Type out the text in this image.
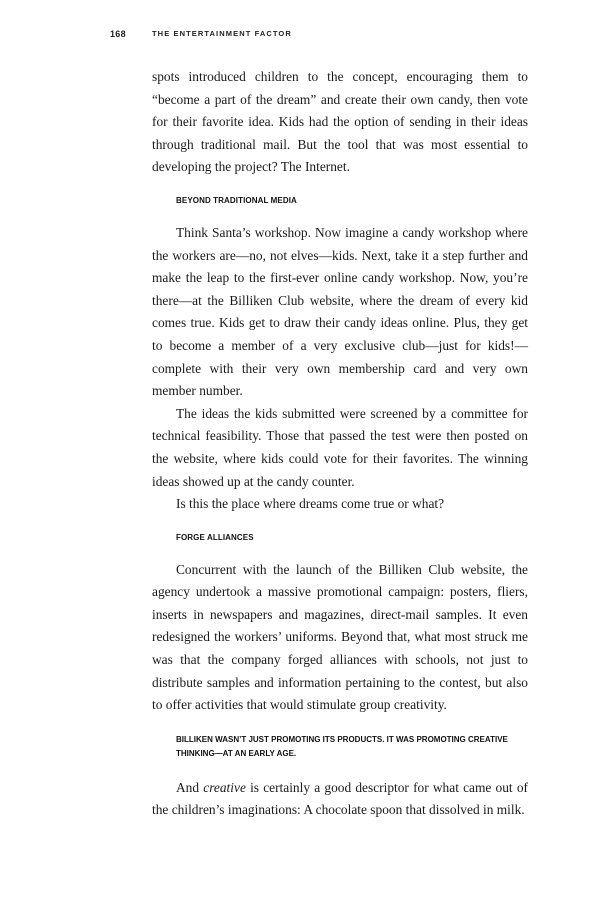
168	THE ENTERTAINMENT FACTOR

spots introduced children to the concept, encouraging them to “become a part of the dream” and create their own candy, then vote for their favorite idea. Kids had the option of sending in their ideas through traditional mail. But the tool that was most essential to developing the project? The Internet.

BEYOND TRADITIONAL MEDIA

Think Santa’s workshop. Now imagine a candy workshop where the workers are—no, not elves—kids. Next, take it a step further and make the leap to the first-ever online candy workshop. Now, you’re there—at the Billiken Club website, where the dream of every kid comes true. Kids get to draw their candy ideas online. Plus, they get to become a member of a very exclusive club—just for kids!—complete with their very own membership card and very own member number.

The ideas the kids submitted were screened by a committee for technical feasibility. Those that passed the test were then posted on the website, where kids could vote for their favorites. The winning ideas showed up at the candy counter.

Is this the place where dreams come true or what?

FORGE ALLIANCES

Concurrent with the launch of the Billiken Club website, the agency undertook a massive promotional campaign: posters, fliers, inserts in newspapers and magazines, direct-mail samples. It even redesigned the workers’ uniforms. Beyond that, what most struck me was that the company forged alliances with schools, not just to distribute samples and information pertaining to the contest, but also to offer activities that would stimulate group creativity.

BILLIKEN WASN’T JUST PROMOTING ITS PRODUCTS. IT WAS PROMOTING CREATIVE THINKING—AT AN EARLY AGE.

And creative is certainly a good descriptor for what came out of the children’s imaginations: A chocolate spoon that dissolved in milk.
